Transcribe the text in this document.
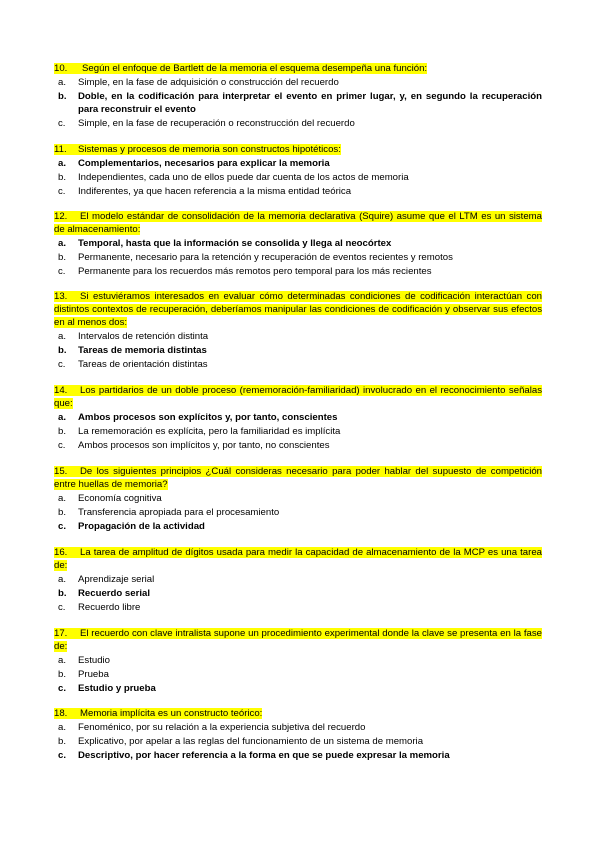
10. Según el enfoque de Bartlett de la memoria el esquema desempeña una función:
a.	Simple, en la fase de adquisición o construcción del recuerdo
b.	Doble, en la codificación para interpretar el evento en primer lugar, y, en segundo la recuperación para reconstruir el evento
c.	Simple, en la fase de recuperación o reconstrucción del recuerdo
11. Sistemas y procesos de memoria son constructos hipotéticos:
a.	Complementarios, necesarios para explicar la memoria
b.	Independientes, cada uno de ellos puede dar cuenta de los actos de memoria
c.	Indiferentes, ya que hacen referencia a la misma entidad teórica
12. El modelo estándar de consolidación de la memoria declarativa (Squire) asume que el LTM es un sistema de almacenamiento:
a.	Temporal, hasta que la información se consolida y llega al neocórtex
b.	Permanente, necesario para la retención y recuperación de eventos recientes y remotos
c.	Permanente para los recuerdos más remotos pero temporal para los más recientes
13. Si estuviéramos interesados en evaluar cómo determinadas condiciones de codificación interactúan con distintos contextos de recuperación, deberíamos manipular las condiciones de codificación y observar sus efectos en al menos dos:
a.	Intervalos de retención distinta
b.	Tareas de memoria distintas
c.	Tareas de orientación distintas
14. Los partidarios de un doble proceso (rememoración-familiaridad) involucrado en el reconocimiento señalas que:
a.	Ambos procesos son explícitos y, por tanto, conscientes
b.	La rememoración es explícita, pero la familiaridad es implícita
c.	Ambos procesos son implícitos y, por tanto, no conscientes
15. De los siguientes principios ¿Cuál consideras necesario para poder hablar del supuesto de competición entre huellas de memoria?
a.	Economía cognitiva
b.	Transferencia apropiada para el procesamiento
c.	Propagación de la actividad
16. La tarea de amplitud de dígitos usada para medir la capacidad de almacenamiento de la MCP es una tarea de:
a.	Aprendizaje serial
b.	Recuerdo serial
c.	Recuerdo libre
17. El recuerdo con clave intralista supone un procedimiento experimental donde la clave se presenta en la fase de:
a.	Estudio
b.	Prueba
c.	Estudio y prueba
18. Memoria implícita es un constructo teórico:
a.	Fenoménico, por su relación a la experiencia subjetiva del recuerdo
b.	Explicativo, por apelar a las reglas del funcionamiento de un sistema de memoria
c.	Descriptivo, por hacer referencia a la forma en que se puede expresar la memoria
